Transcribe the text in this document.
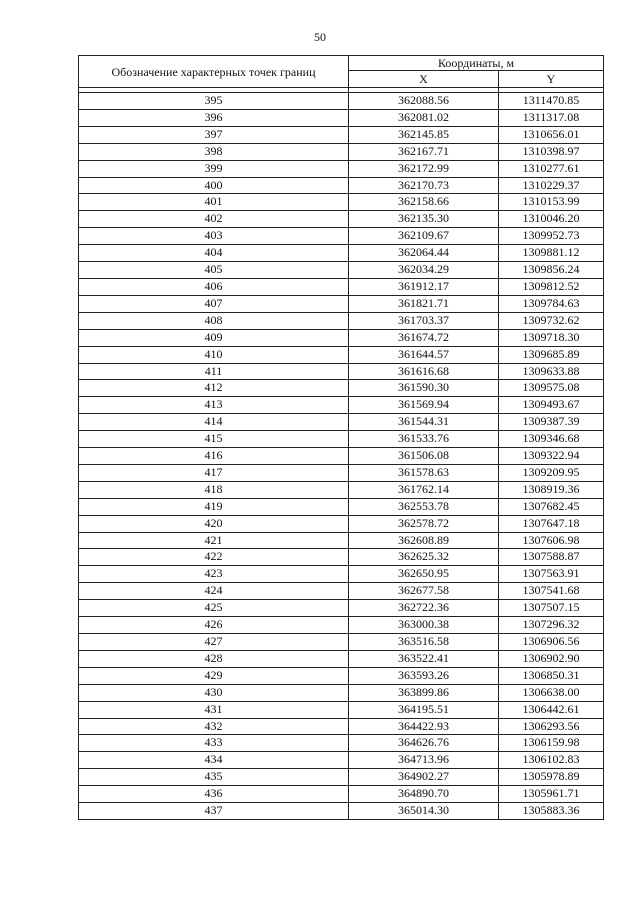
50
Обозначение характерных точек границ	Координаты, м	
	X	Y

395	362088.56	1311470.85
396	362081.02	1311317.08
397	362145.85	1310656.01
398	362167.71	1310398.97
399	362172.99	1310277.61
400	362170.73	1310229.37
401	362158.66	1310153.99
402	362135.30	1310046.20
403	362109.67	1309952.73
404	362064.44	1309881.12
405	362034.29	1309856.24
406	361912.17	1309812.52
407	361821.71	1309784.63
408	361703.37	1309732.62
409	361674.72	1309718.30
410	361644.57	1309685.89
411	361616.68	1309633.88
412	361590.30	1309575.08
413	361569.94	1309493.67
414	361544.31	1309387.39
415	361533.76	1309346.68
416	361506.08	1309322.94
417	361578.63	1309209.95
418	361762.14	1308919.36
419	362553.78	1307682.45
420	362578.72	1307647.18
421	362608.89	1307606.98
422	362625.32	1307588.87
423	362650.95	1307563.91
424	362677.58	1307541.68
425	362722.36	1307507.15
426	363000.38	1307296.32
427	363516.58	1306906.56
428	363522.41	1306902.90
429	363593.26	1306850.31
430	363899.86	1306638.00
431	364195.51	1306442.61
432	364422.93	1306293.56
433	364626.76	1306159.98
434	364713.96	1306102.83
435	364902.27	1305978.89
436	364890.70	1305961.71
437	365014.30	1305883.36
